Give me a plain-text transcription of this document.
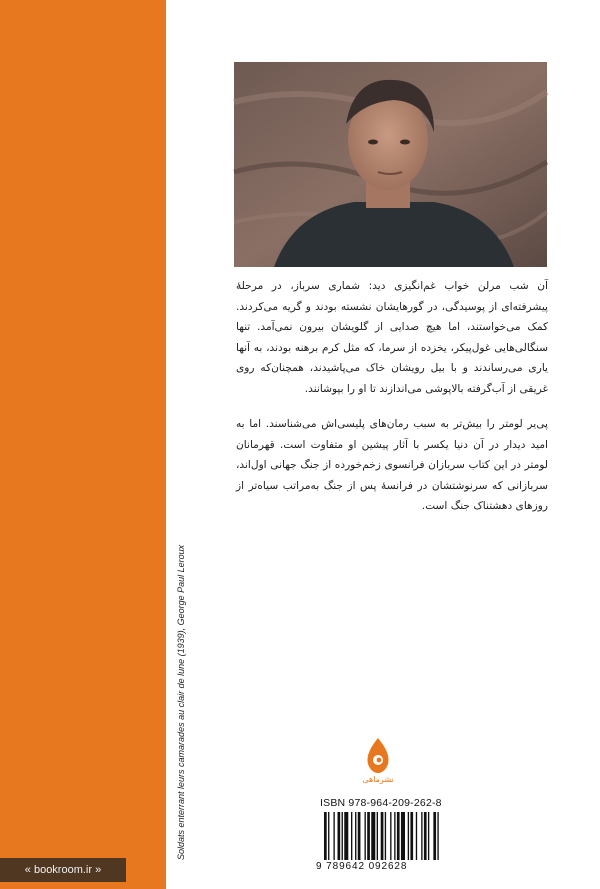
Soldats enterrant leurs camarades au clair de lune (1939), George Paul Leroux

آن شب مرلن خواب غم‌انگیزی دید: شماری سرباز، در مرحلهٔ پیشرفته‌ای از پوسیدگی، در گورهایشان نشسته بودند و گریه می‌کردند. کمک می‌خواستند، اما هیچ صدایی از گلویشان بیرون نمی‌آمد. تنها سنگالی‌هایی غول‌پیکر، یخزده از سرما، که مثل کرم برهنه بودند، به آنها یاری می‌رساندند و با بیل رویشان خاک می‌پاشیدند، همچنان‌که روی غریقی از آب‌گرفته بالاپوشی می‌اندازند تا او را بپوشانند.

پی‌یر لومتر را بیش‌تر به سبب رمان‌های پلیسی‌اش می‌شناسند. اما به امید دیدار در آن دنیا یکسر با آثار پیشین او متفاوت است. قهرمانان لومتر در این کتاب سربازان فرانسوی زخم‌خورده از جنگ جهانی اول‌اند، سربازانی که سرنوشتشان در فرانسهٔ پس از جنگ به‌مراتب سیاه‌تر از روزهای دهشتناک جنگ است.

نشرماهی
ISBN 978-964-209-262-8
9 789642 092628
« bookroom.ir »
